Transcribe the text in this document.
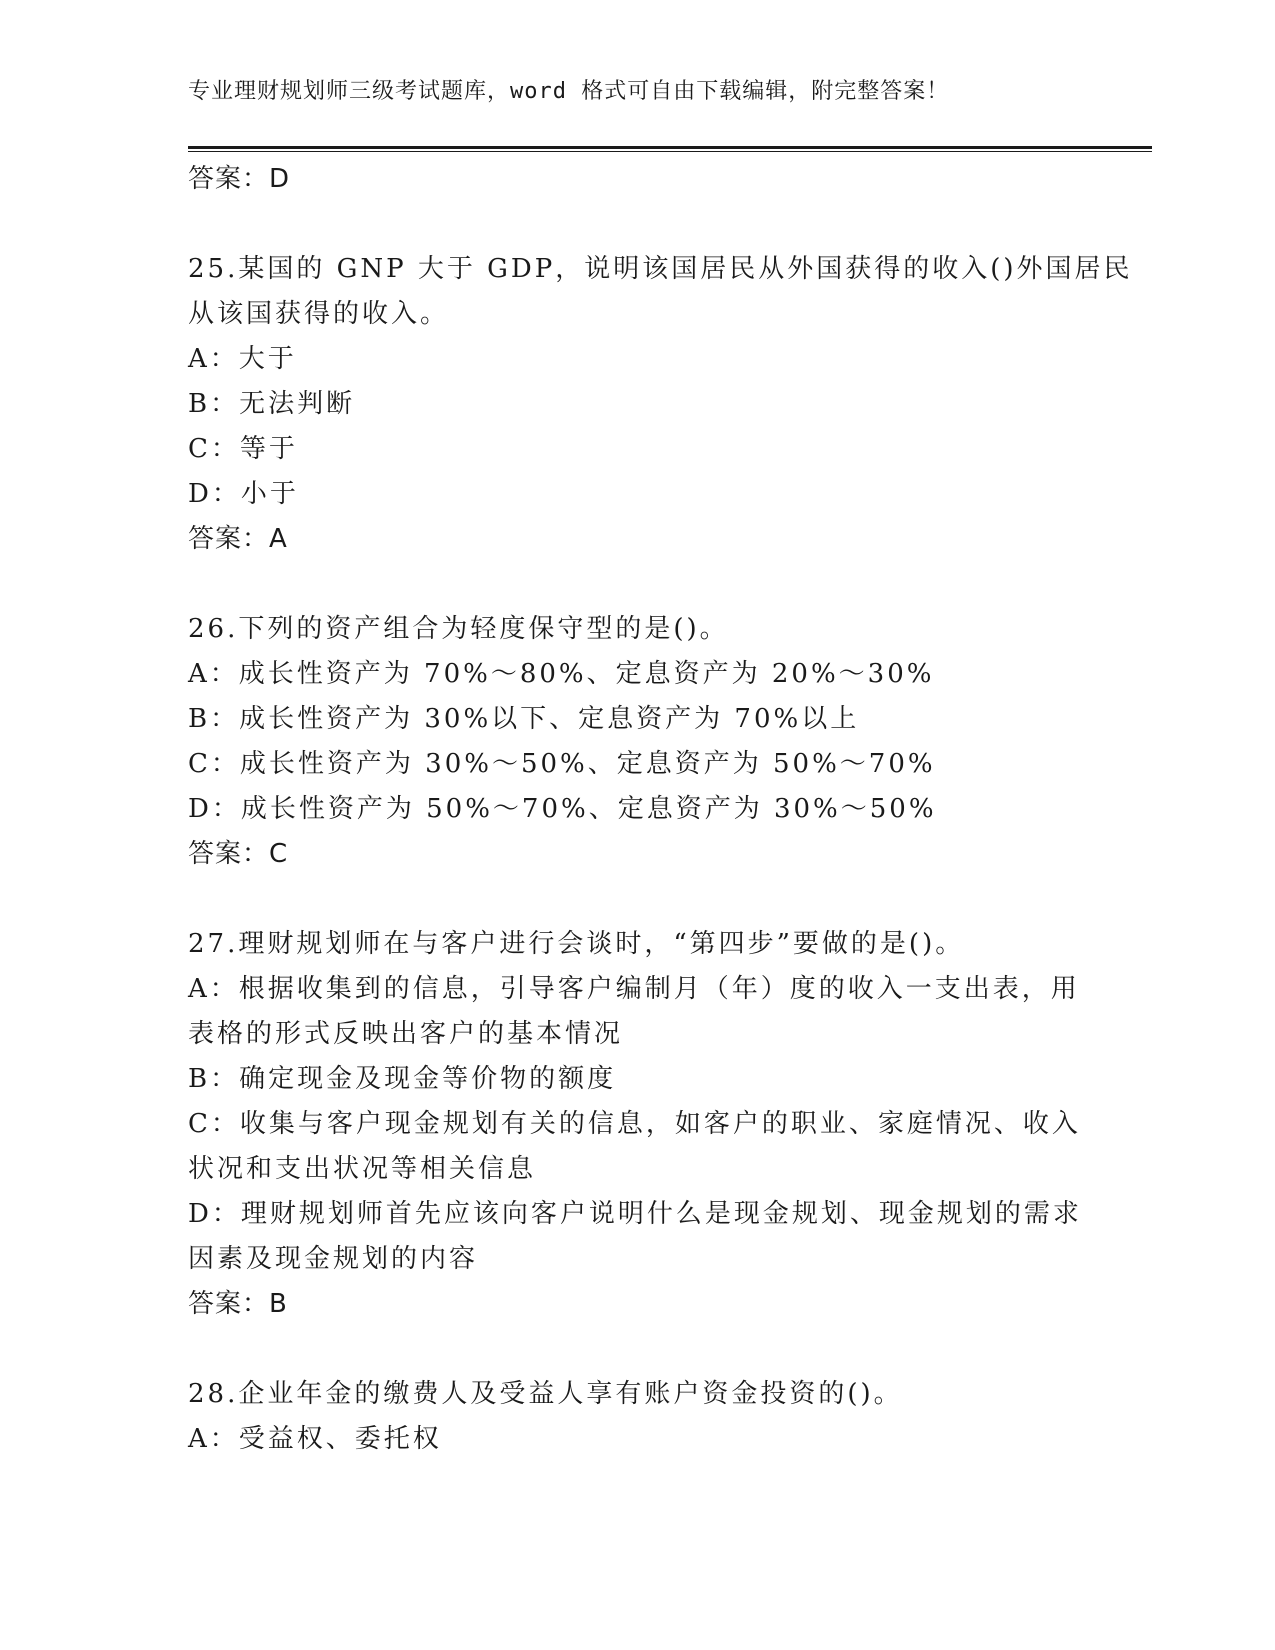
专业理财规划师三级考试题库，word 格式可自由下载编辑，附完整答案！
答案：D
25.某国的 GNP 大于 GDP，说明该国居民从外国获得的收入()外国居民
从该国获得的收入。
A：大于
B：无法判断
C：等于
D：小于
答案：A
26.下列的资产组合为轻度保守型的是()。
A：成长性资产为 70%～80%、定息资产为 20%～30%
B：成长性资产为 30%以下、定息资产为 70%以上
C：成长性资产为 30%～50%、定息资产为 50%～70%
D：成长性资产为 50%～70%、定息资产为 30%～50%
答案：C
27.理财规划师在与客户进行会谈时，“第四步”要做的是()。
A：根据收集到的信息，引导客户编制月（年）度的收入一支出表，用
表格的形式反映出客户的基本情况
B：确定现金及现金等价物的额度
C：收集与客户现金规划有关的信息，如客户的职业、家庭情况、收入
状况和支出状况等相关信息
D：理财规划师首先应该向客户说明什么是现金规划、现金规划的需求
因素及现金规划的内容
答案：B
28.企业年金的缴费人及受益人享有账户资金投资的()。
A：受益权、委托权
